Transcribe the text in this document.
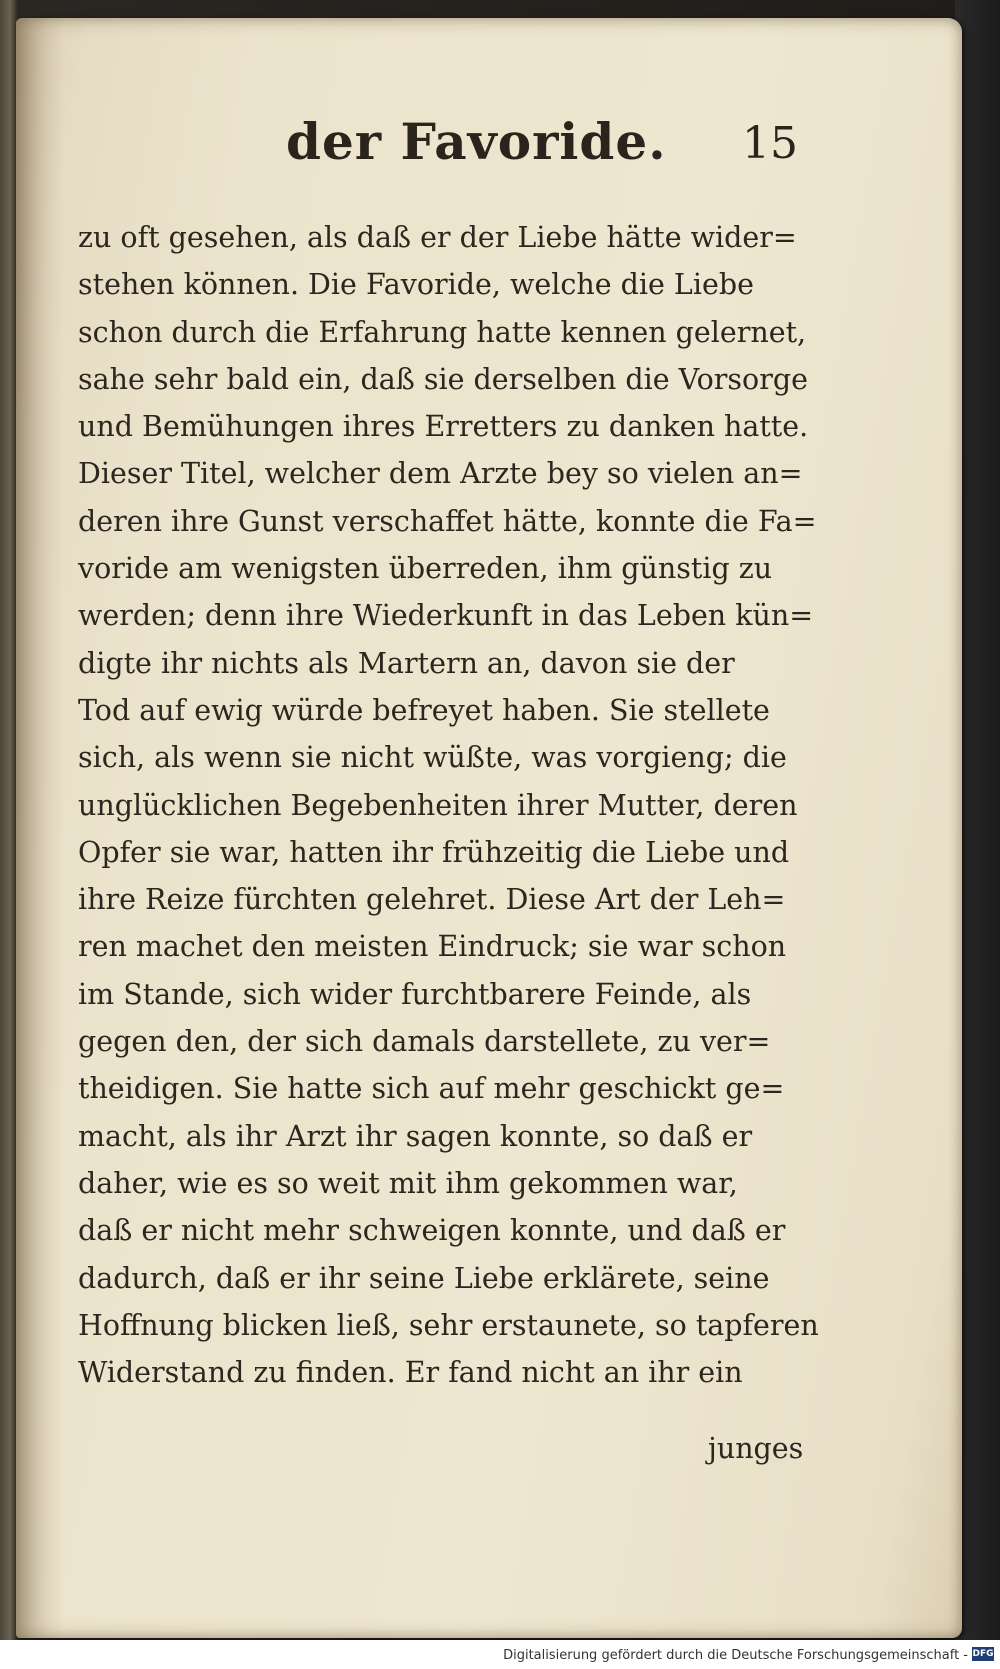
der Favoride. 15
zu oft gesehen, als daß er der Liebe hätte wider=
stehen können. Die Favoride, welche die Liebe
schon durch die Erfahrung hatte kennen gelernet,
sahe sehr bald ein, daß sie derselben die Vorsorge
und Bemühungen ihres Erretters zu danken hatte.
Dieser Titel, welcher dem Arzte bey so vielen an=
deren ihre Gunst verschaffet hätte, konnte die Fa=
voride am wenigsten überreden, ihm günstig zu
werden; denn ihre Wiederkunft in das Leben kün=
digte ihr nichts als Martern an, davon sie der
Tod auf ewig würde befreyet haben. Sie stellete
sich, als wenn sie nicht wüßte, was vorgieng; die
unglücklichen Begebenheiten ihrer Mutter, deren
Opfer sie war, hatten ihr frühzeitig die Liebe und
ihre Reize fürchten gelehret. Diese Art der Leh=
ren machet den meisten Eindruck; sie war schon
im Stande, sich wider furchtbarere Feinde, als
gegen den, der sich damals darstellete, zu ver=
theidigen. Sie hatte sich auf mehr geschickt ge=
macht, als ihr Arzt ihr sagen konnte, so daß er
daher, wie es so weit mit ihm gekommen war,
daß er nicht mehr schweigen konnte, und daß er
dadurch, daß er ihr seine Liebe erklärete, seine
Hoffnung blicken ließ, sehr erstaunete, so tapferen
Widerstand zu finden. Er fand nicht an ihr ein
junges
Digitalisierung gefördert durch die Deutsche Forschungsgemeinschaft - DFG
